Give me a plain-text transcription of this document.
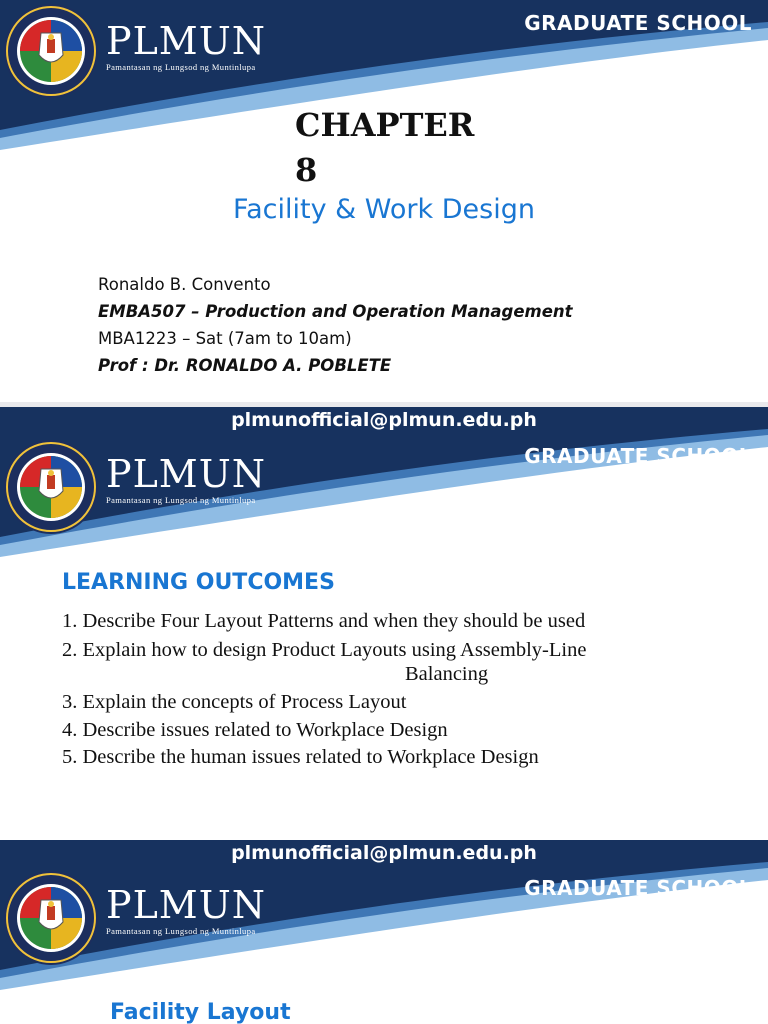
PLMUN
Pamantasan ng Lungsod ng Muntinlupa
GRADUATE SCHOOL
CHAPTER
8
Facility & Work Design
Ronaldo B. Convento
EMBA507 – Production and Operation Management
MBA1223 – Sat (7am to 10am)
Prof : Dr. RONALDO A. POBLETE
plmunofficial@plmun.edu.ph
PLMUN
Pamantasan ng Lungsod ng Muntinlupa
GRADUATE SCHOOL
LEARNING OUTCOMES
1. Describe Four Layout Patterns and when they should be used
2. Explain how to design Product Layouts using Assembly-Line
Balancing
3. Explain the concepts of Process Layout
4. Describe issues related to Workplace Design
5. Describe the human issues related to Workplace Design
plmunofficial@plmun.edu.ph
PLMUN
Pamantasan ng Lungsod ng Muntinlupa
GRADUATE SCHOOL
Facility Layout
